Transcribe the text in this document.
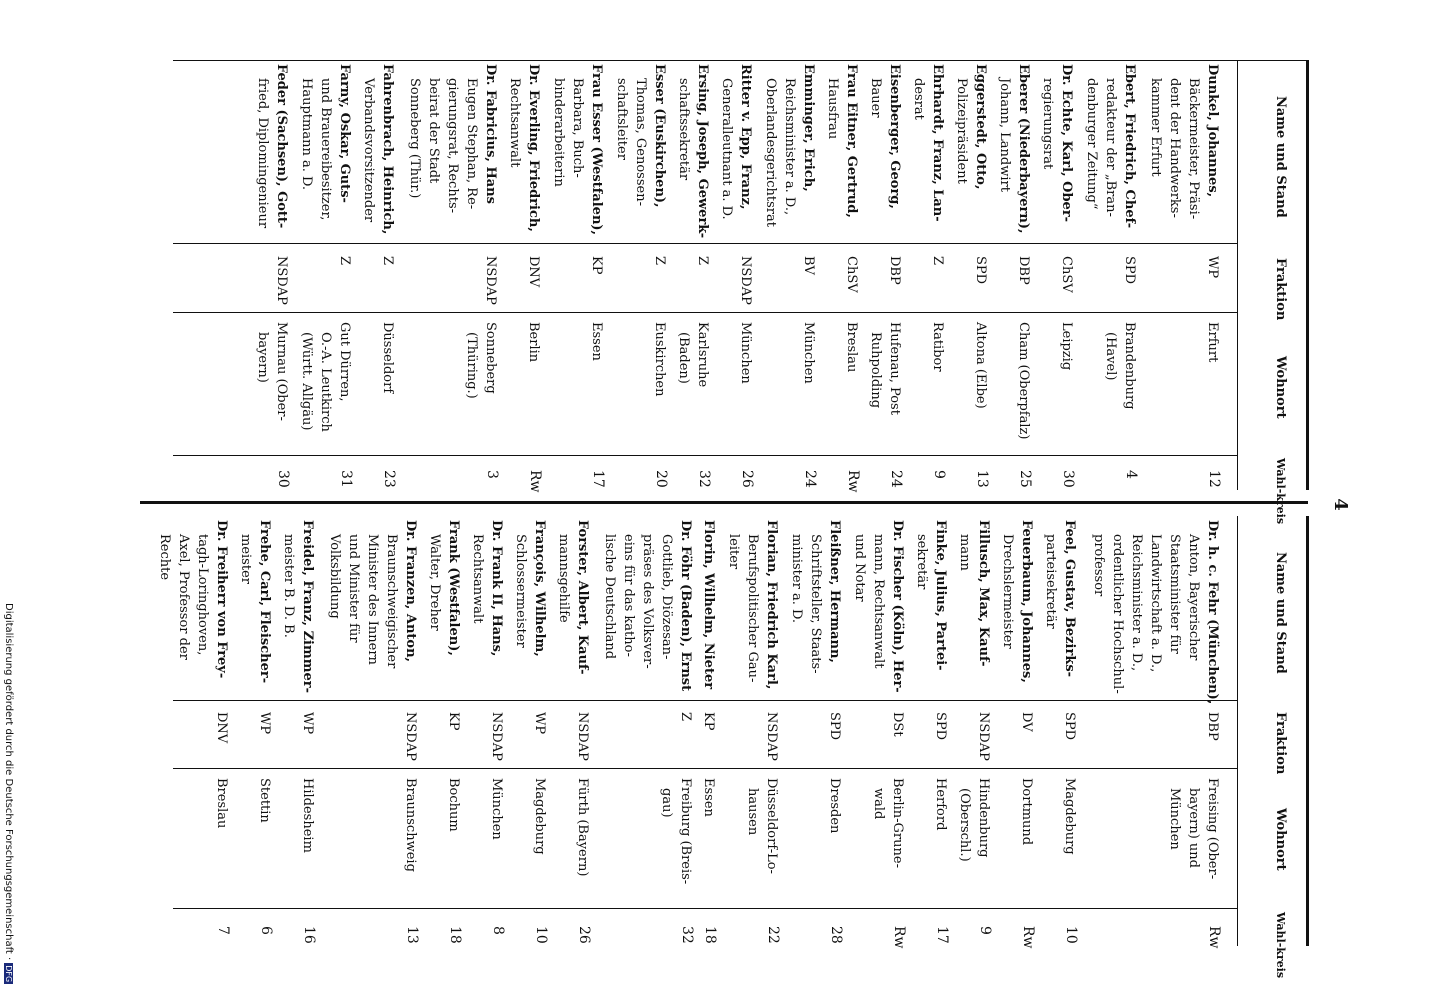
4
Name und Stand
Fraktion
Wohnort
Wahl-kreis
Name und Stand
Fraktion
Wohnort
Wahl-kreis
Dunkel, Johannes,
Bäckermeister, Präsi-
dent der Handwerks-
kammer Erfurt
WP
Erfurt
12
Ebert, Friedrich, Chef-
redakteur der „Bran-
denburger Zeitung“
SPD
Brandenburg
(Havel)
4
Dr. Echte, Karl, Ober-
regierungsrat
ChSV
Leipzig
30
Eberer (Niederbayern),
Johann, Landwirt
DBP
Cham (Oberpfalz)
25
Eggerstedt, Otto,
Polizeipräsident
SPD
Altona (Elbe)
13
Ehrhardt, Franz, Lan-
desrat
Z
Ratibor
9
Eisenberger, Georg,
Bauer
DBP
Hufenau, Post
Ruhpolding
24
Frau Eitner, Gertrud,
Hausfrau
ChSV
Breslau
Rw
Emminger, Erich,
Reichsminister a. D.,
Oberlandesgerichtsrat
BV
München
24
Ritter v. Epp, Franz,
Generalleutnant a. D.
NSDAP
München
26
Ersing, Joseph, Gewerk-
schaftssekretär
Z
Karlsruhe
(Baden)
32
Esser (Euskirchen),
Thomas, Genossen-
schaftsleiter
Z
Euskirchen
20
Frau Esser (Westfalen),
Barbara, Buch-
binderarbeiterin
KP
Essen
17
Dr. Everling, Friedrich,
Rechtsanwalt
DNV
Berlin
Rw
Dr. Fabricius, Hans
Eugen Stephan, Re-
gierungsrat, Rechts-
beirat der Stadt
Sonneberg (Thür.)
NSDAP
Sonneberg
(Thüring.)
3
Fahrenbrach, Heinrich,
Verbandsvorsitzender
Z
Düsseldorf
23
Farny, Oskar, Guts-
und Brauereibesitzer,
Hauptmann a. D.
Z
Gut Dürren,
O.-A. Leutkirch
(Württ. Allgäu)
31
Feder (Sachsen), Gott-
fried, Diplomingenieur
NSDAP
Murnau (Ober-
bayern)
30
Dr. h. c. Fehr (München),
Anton, Bayerischer
Staatsminister für
Landwirtschaft a. D.,
Reichsminister a. D.,
ordentlicher Hochschul-
professor
DBP
Freising (Ober-
bayern) und
München
Rw
Feel, Gustav, Bezirks-
parteisekretär
SPD
Magdeburg
10
Feuerbaum, Johannes,
Drechslermeister
DV
Dortmund
Rw
Fillusch, Max, Kauf-
mann
NSDAP
Hindenburg
(Oberschl.)
9
Finke, Julius, Partei-
sekretär
SPD
Herford
17
Dr. Fischer (Köln), Her-
mann, Rechtsanwalt
und Notar
DSt
Berlin-Grune-
wald
Rw
Fleißner, Hermann,
Schriftsteller, Staats-
minister a. D.
SPD
Dresden
28
Florian, Friedrich Karl,
Berufspolitischer Gau-
leiter
NSDAP
Düsseldorf-Lo-
hausen
22
Florin, Wilhelm, Nieter
KP
Essen
18
Dr. Föhr (Baden), Ernst
Gottlieb, Diözesan-
präses des Volksver-
eins für das katho-
lische Deutschland
Z
Freiburg (Breis-
gau)
32
Forster, Albert, Kauf-
mannsgehilfe
NSDAP
Fürth (Bayern)
26
François, Wilhelm,
Schlossermeister
WP
Magdeburg
10
Dr. Frank II, Hans,
Rechtsanwalt
NSDAP
München
8
Frank (Westfalen),
Walter, Dreher
KP
Bochum
18
Dr. Franzen, Anton,
Braunschweigischer
Minister des Innern
und Minister für
Volksbildung
NSDAP
Braunschweig
13
Freidel, Franz, Zimmer-
meister B. D. B.
WP
Hildesheim
16
Frehe, Carl, Fleischer-
meister
WP
Stettin
6
Dr. Freiherr von Frey-
tagh-Loringhoven,
Axel, Professor der
Rechte
DNV
Breslau
7
Digitalisierung gefördert durch die Deutsche Forschungsgemeinschaft ·DFG
